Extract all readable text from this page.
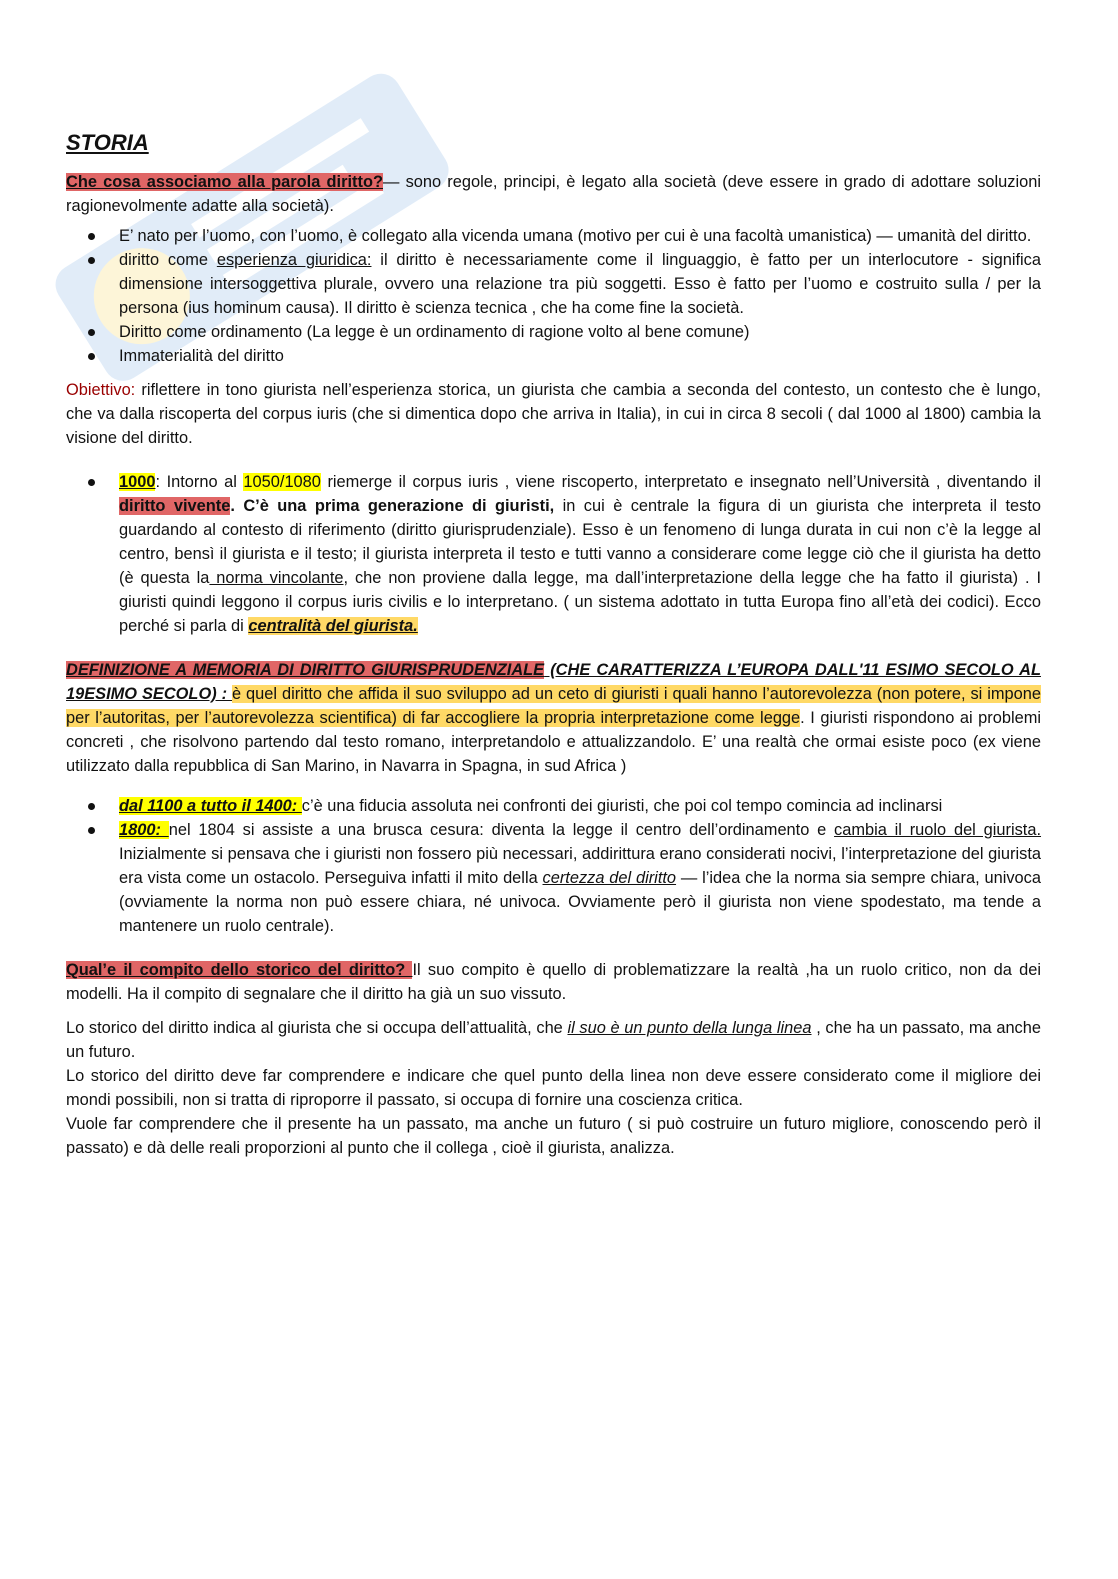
STORIA

Che cosa associamo alla parola diritto?— sono regole, principi, è legato alla società (deve essere in grado di adottare soluzioni ragionevolmente adatte alla società).

E’ nato per l’uomo, con l’uomo, è collegato alla vicenda umana (motivo per cui è una facoltà umanistica) — umanità del diritto.
diritto come esperienza giuridica: il diritto è necessariamente come il linguaggio, è fatto per un interlocutore - significa dimensione intersoggettiva plurale, ovvero una relazione tra più soggetti. Esso è fatto per l’uomo e costruito sulla / per la persona (ius hominum causa). Il diritto è scienza tecnica , che ha come fine la società.
Diritto come ordinamento (La legge è un ordinamento di ragione volto al bene comune)
Immaterialità del diritto

Obiettivo: riflettere in tono giurista nell’esperienza storica, un giurista che cambia a seconda del contesto, un contesto che è lungo, che va dalla riscoperta del corpus iuris (che si dimentica dopo che arriva in Italia), in cui in circa 8 secoli ( dal 1000 al 1800) cambia la visione del diritto.

1000: Intorno al 1050/1080 riemerge il corpus iuris , viene riscoperto, interpretato e insegnato nell’Università , diventando il diritto vivente. C’è una prima generazione di giuristi, in cui è centrale la figura di un giurista che interpreta il testo guardando al contesto di riferimento (diritto giurisprudenziale). Esso è un fenomeno di lunga durata in cui non c’è la legge al centro, bensì il giurista e il testo; il giurista interpreta il testo e tutti vanno a considerare come legge ciò che il giurista ha detto (è questa la norma vincolante, che non proviene dalla legge, ma dall’interpretazione della legge che ha fatto il giurista) . I giuristi quindi leggono il corpus iuris civilis e lo interpretano. ( un sistema adottato in tutta Europa fino all’età dei codici). Ecco perché si parla di centralità del giurista.

DEFINIZIONE A MEMORIA DI DIRITTO GIURISPRUDENZIALE (CHE CARATTERIZZA L’EUROPA DALL'11 ESIMO SECOLO AL 19ESIMO SECOLO) : è quel diritto che affida il suo sviluppo ad un ceto di giuristi i quali hanno l’autorevolezza (non potere, si impone per l’autoritas, per l’autorevolezza scientifica) di far accogliere la propria interpretazione come legge. I giuristi rispondono ai problemi concreti , che risolvono partendo dal testo romano, interpretandolo e attualizzandolo. E’ una realtà che ormai esiste poco (ex viene utilizzato dalla repubblica di San Marino, in Navarra in Spagna, in sud Africa )

dal 1100 a tutto il 1400: c’è una fiducia assoluta nei confronti dei giuristi, che poi col tempo comincia ad inclinarsi
1800: nel 1804 si assiste a una brusca cesura: diventa la legge il centro dell’ordinamento e cambia il ruolo del giurista. Inizialmente si pensava che i giuristi non fossero più necessari, addirittura erano considerati nocivi, l’interpretazione del giurista era vista come un ostacolo. Perseguiva infatti il mito della certezza del diritto — l’idea che la norma sia sempre chiara, univoca (ovviamente la norma non può essere chiara, né univoca. Ovviamente però il giurista non viene spodestato, ma tende a mantenere un ruolo centrale).

Qual’e il compito dello storico del diritto? Il suo compito è quello di problematizzare la realtà ,ha un ruolo critico, non da dei modelli. Ha il compito di segnalare che il diritto ha già un suo vissuto.

Lo storico del diritto indica al giurista che si occupa dell’attualità, che il suo è un punto della lunga linea , che ha un passato, ma anche un futuro.

Lo storico del diritto deve far comprendere e indicare che quel punto della linea non deve essere considerato come il migliore dei mondi possibili, non si tratta di riproporre il passato, si occupa di fornire una coscienza critica.

Vuole far comprendere che il presente ha un passato, ma anche un futuro ( si può costruire un futuro migliore, conoscendo però il passato) e dà delle reali proporzioni al punto che il collega , cioè il giurista, analizza.
